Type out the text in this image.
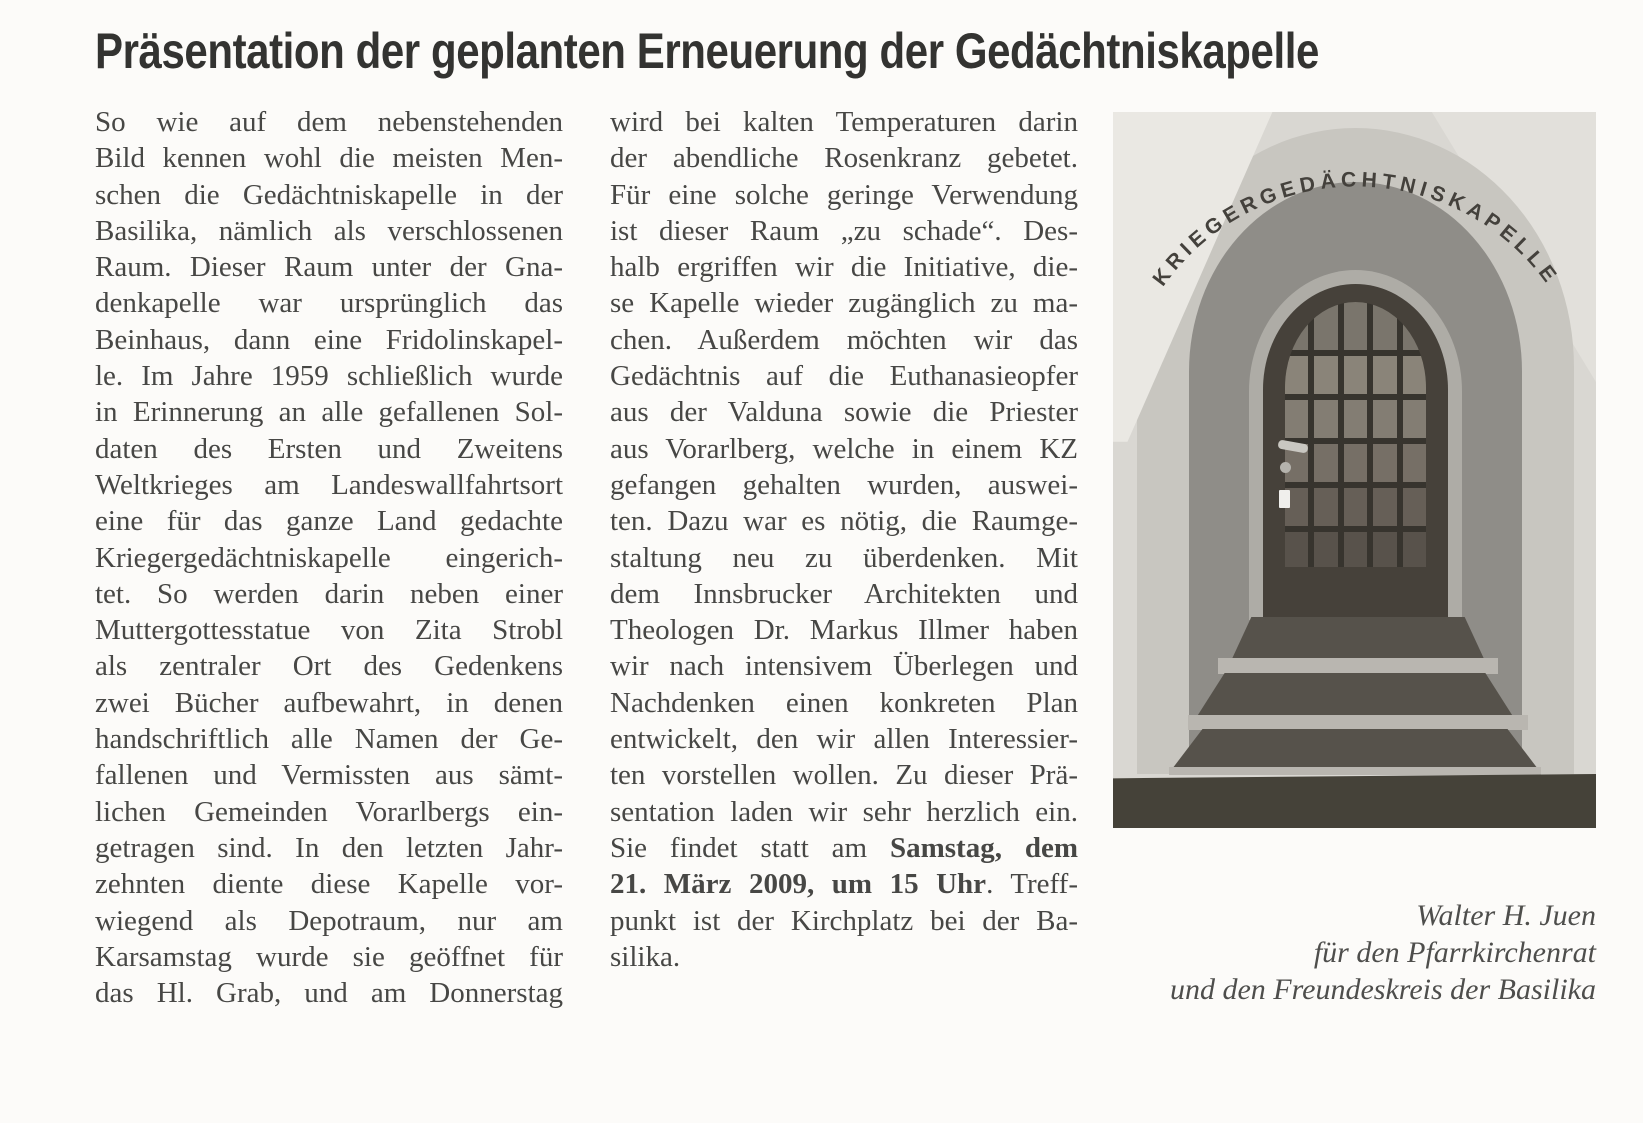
Präsentation der geplanten Erneuerung der Gedächtniskapelle
So wie auf dem nebenstehenden
Bild kennen wohl die meisten Men-
schen die Gedächtniskapelle in der
Basilika, nämlich als verschlossenen
Raum. Dieser Raum unter der Gna-
denkapelle war ursprünglich das
Beinhaus, dann eine Fridolinskapel-
le. Im Jahre 1959 schließlich wurde
in Erinnerung an alle gefallenen Sol-
daten des Ersten und Zweitens
Weltkrieges am Landeswallfahrtsort
eine für das ganze Land gedachte
Kriegergedächtniskapelle eingerich-
tet. So werden darin neben einer
Muttergottesstatue von Zita Strobl
als zentraler Ort des Gedenkens
zwei Bücher aufbewahrt, in denen
handschriftlich alle Namen der Ge-
fallenen und Vermissten aus sämt-
lichen Gemeinden Vorarlbergs ein-
getragen sind. In den letzten Jahr-
zehnten diente diese Kapelle vor-
wiegend als Depotraum, nur am
Karsamstag wurde sie geöffnet für
das Hl. Grab, und am Donnerstag
wird bei kalten Temperaturen darin
der abendliche Rosenkranz gebetet.
Für eine solche geringe Verwendung
ist dieser Raum „zu schade“. Des-
halb ergriffen wir die Initiative, die-
se Kapelle wieder zugänglich zu ma-
chen. Außerdem möchten wir das
Gedächtnis auf die Euthanasieopfer
aus der Valduna sowie die Priester
aus Vorarlberg, welche in einem KZ
gefangen gehalten wurden, auswei-
ten. Dazu war es nötig, die Raumge-
staltung neu zu überdenken. Mit
dem Innsbrucker Architekten und
Theologen Dr. Markus Illmer haben
wir nach intensivem Überlegen und
Nachdenken einen konkreten Plan
entwickelt, den wir allen Interessier-
ten vorstellen wollen. Zu dieser Prä-
sentation laden wir sehr herzlich ein.
Sie findet statt am Samstag, dem
21. März 2009, um 15 Uhr. Treff-
punkt ist der Kirchplatz bei der Ba-
silika.
KRIEGERGEDÄCHTNISKAPELLE
Walter H. Juen
für den Pfarrkirchenrat
und den Freundeskreis der Basilika
